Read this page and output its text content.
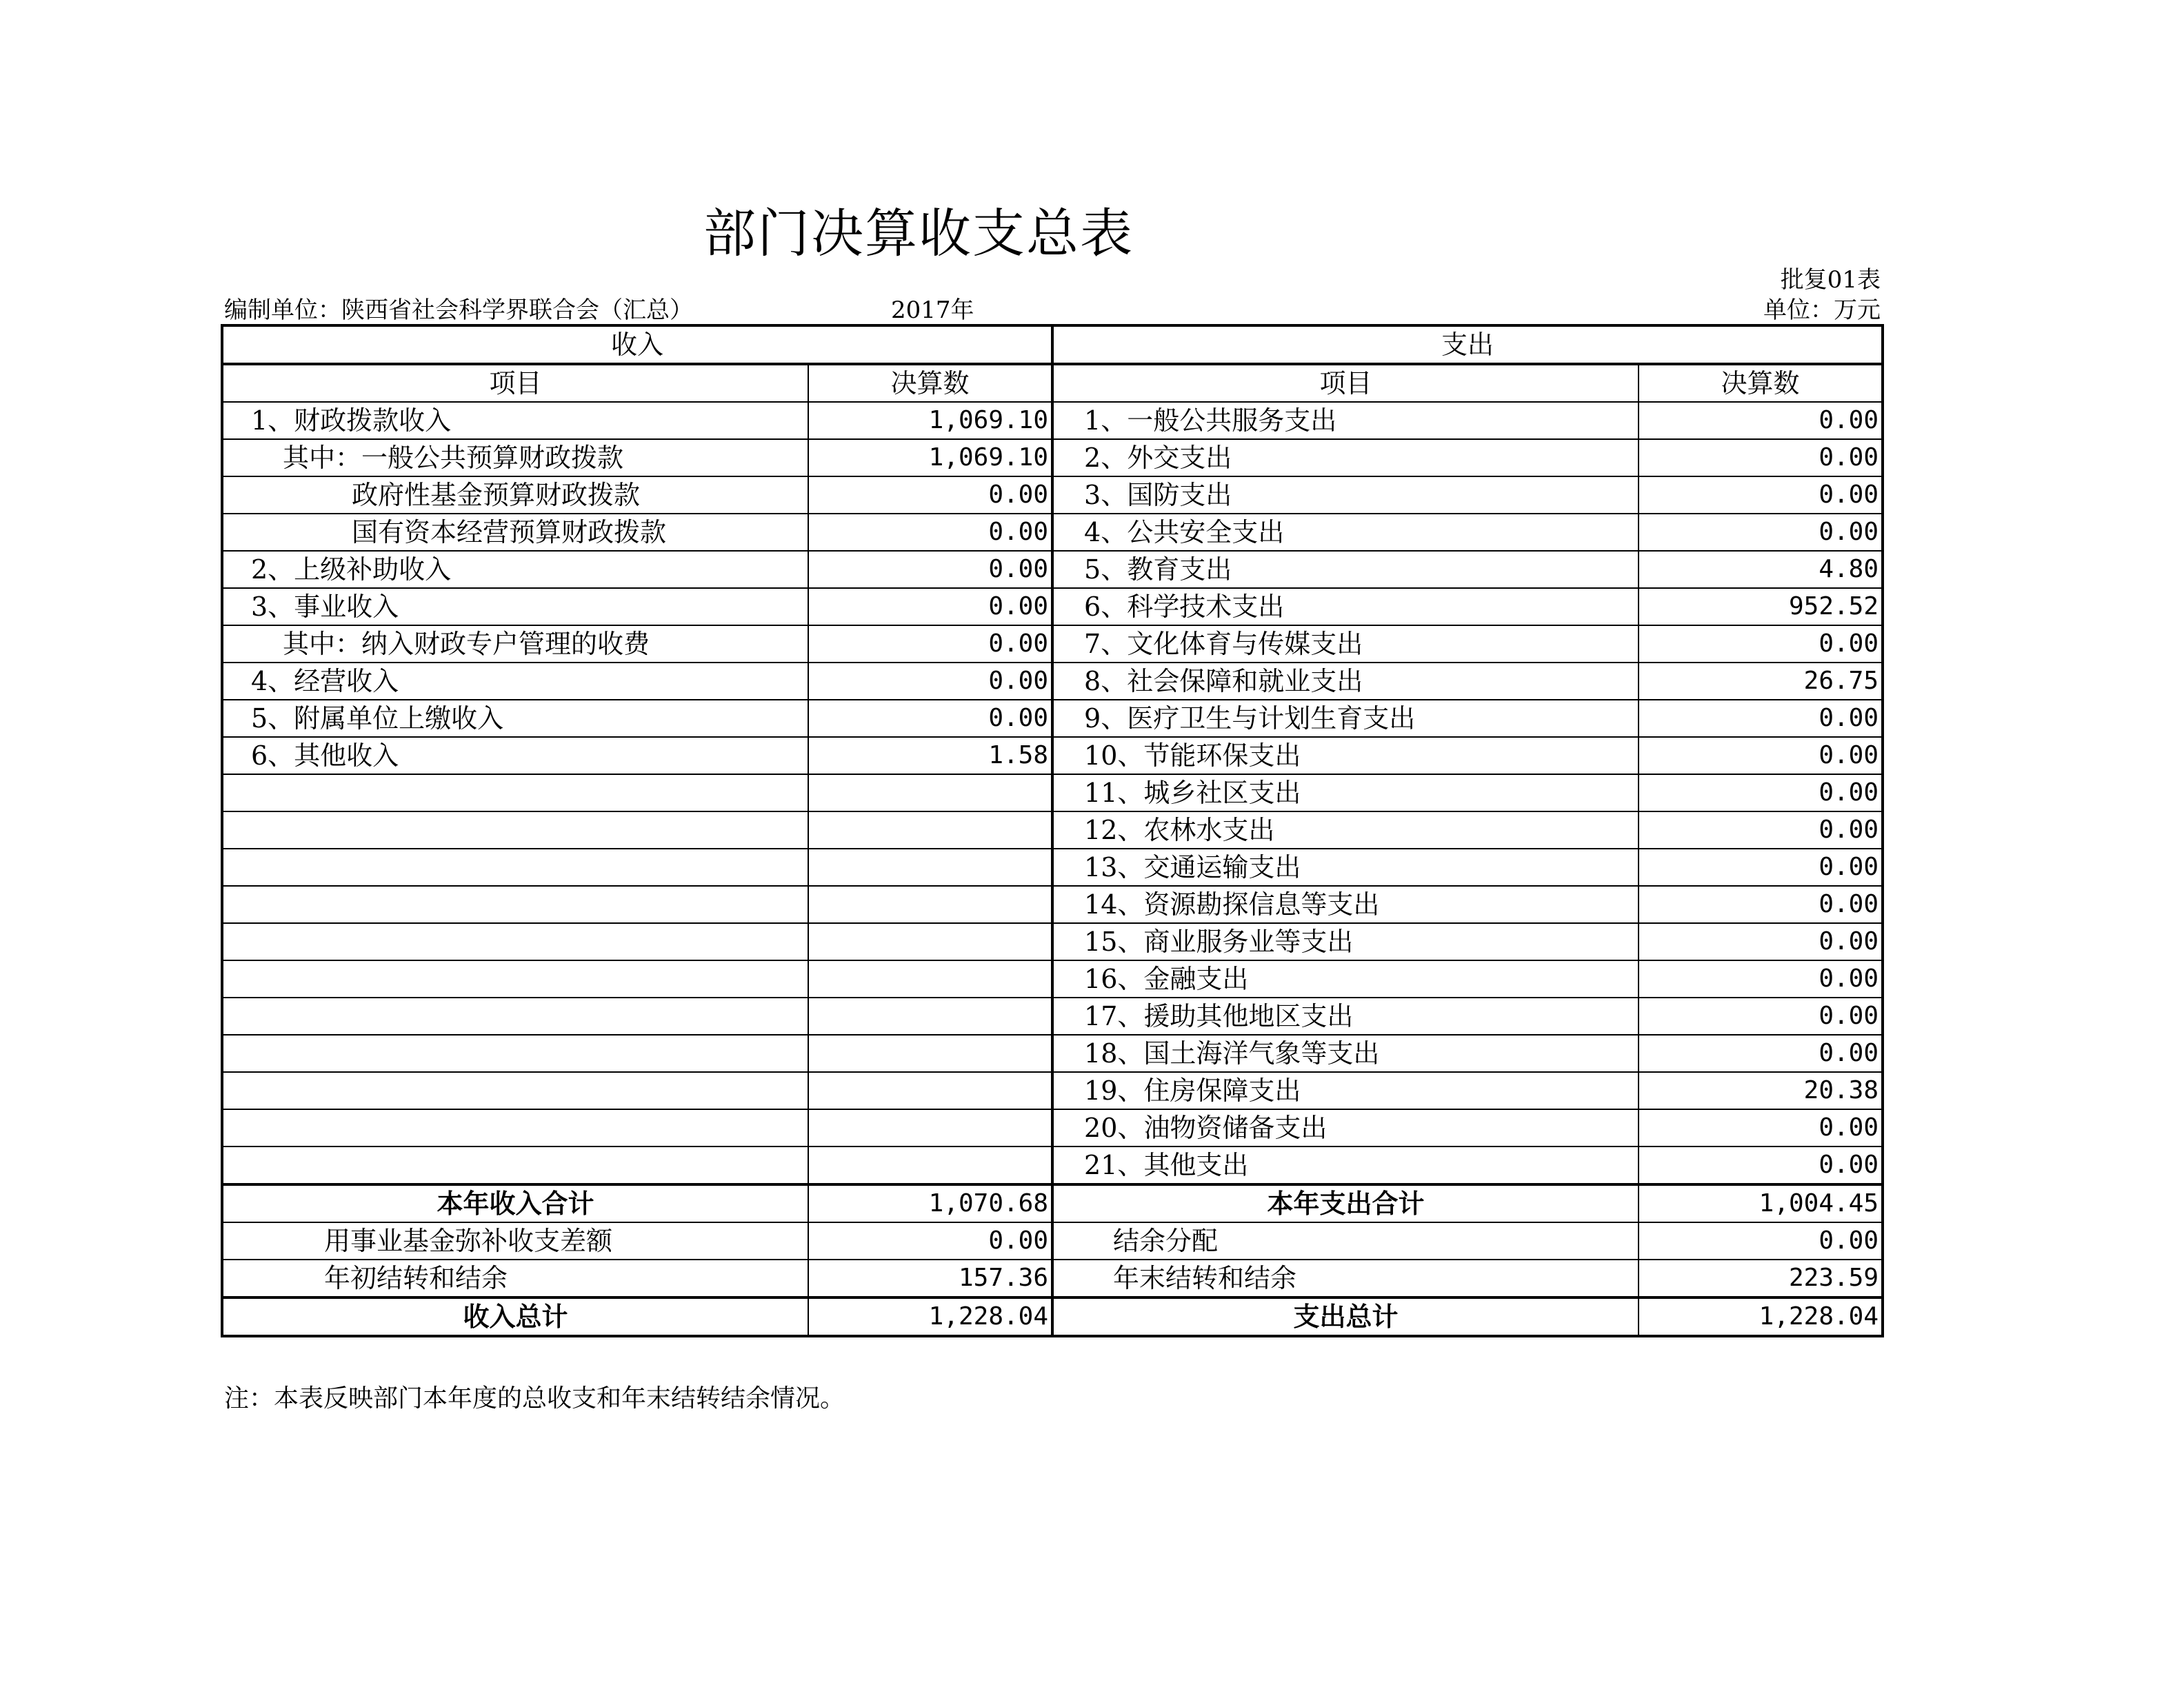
部门决算收支总表
批复01表
编制单位：陕西省社会科学界联合会（汇总）	2017年	单位：万元
收入		支出	
项目	决算数	项目	决算数
1、财政拨款收入	1,069.10	1、一般公共服务支出	0.00
其中：一般公共预算财政拨款	1,069.10	2、外交支出	0.00
政府性基金预算财政拨款	0.00	3、国防支出	0.00
国有资本经营预算财政拨款	0.00	4、公共安全支出	0.00
2、上级补助收入	0.00	5、教育支出	4.80
3、事业收入	0.00	6、科学技术支出	952.52
其中：纳入财政专户管理的收费	0.00	7、文化体育与传媒支出	0.00
4、经营收入	0.00	8、社会保障和就业支出	26.75
5、附属单位上缴收入	0.00	9、医疗卫生与计划生育支出	0.00
6、其他收入	1.58	10、节能环保支出	0.00
		11、城乡社区支出	0.00
		12、农林水支出	0.00
		13、交通运输支出	0.00
		14、资源勘探信息等支出	0.00
		15、商业服务业等支出	0.00
		16、金融支出	0.00
		17、援助其他地区支出	0.00
		18、国土海洋气象等支出	0.00
		19、住房保障支出	20.38
		20、油物资储备支出	0.00
		21、其他支出	0.00
本年收入合计	1,070.68	本年支出合计	1,004.45
用事业基金弥补收支差额	0.00	结余分配	0.00
年初结转和结余	157.36	年末结转和结余	223.59
收入总计	1,228.04	支出总计	1,228.04
注：本表反映部门本年度的总收支和年末结转结余情况。
